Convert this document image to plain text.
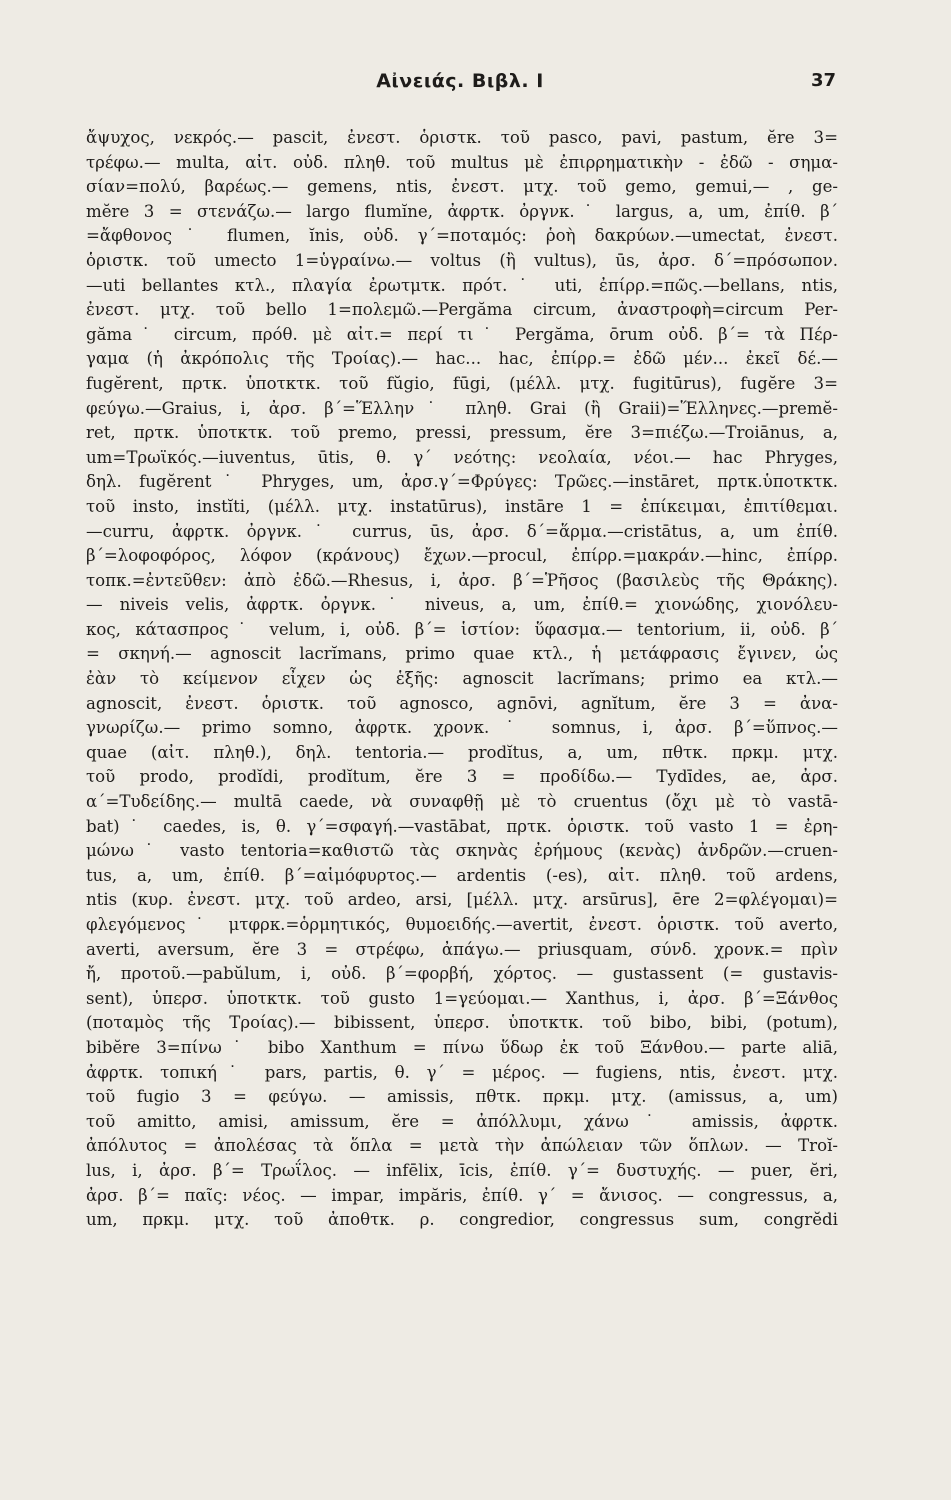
Αἰνειάς. Βιβλ. Ι	37
ἄψυχος, νεκρός.— pascit, ἐνεστ. ὁριστκ. τοῦ pasco, pavi, pastum, ĕre 3=
τρέφω.— multa, αἰτ. οὐδ. πληθ. τοῦ multus μὲ ἐπιρρηματικὴν - ἐδῶ - σημα-
σίαν=πολύ, βαρέως.— gemens, ntis, ἐνεστ. μτχ. τοῦ gemo, gemui,— , ge-
mĕre 3 = στενάζω.— largo flumĭne, ἀφρτκ. ὀργνκ.˙ largus, a, um, ἐπίθ. β΄
=ἄφθονος˙ flumen, ĭnis, οὐδ. γ΄=ποταμός: ῥοὴ δακρύων.—umectat, ἐνεστ.
ὁριστκ. τοῦ umecto 1=ὑγραίνω.— voltus (ἢ vultus), ūs, ἀρσ. δ΄=πρόσωπον.
—uti bellantes κτλ., πλαγία ἐρωτμτκ. πρότ.˙ uti, ἐπίρρ.=πῶς.—bellans, ntis,
ἐνεστ. μτχ. τοῦ bello 1=πολεμῶ.—Pergăma circum, ἀναστροφὴ=circum Per-
găma˙ circum, πρόθ. μὲ αἰτ.= περί τι˙ Pergăma, ōrum οὐδ. β΄= τὰ Πέρ-
γαμα (ἡ ἀκρόπολις τῆς Τροίας).— hac... hac, ἐπίρρ.= ἐδῶ μέν... ἐκεῖ δέ.—
fugĕrent, πρτκ. ὑποτκτκ. τοῦ fŭgio, fūgi, (μέλλ. μτχ. fugitūrus), fugĕre 3=
φεύγω.—Graius, i, ἀρσ. β΄=Ἕλλην˙ πληθ. Grai (ἢ Graii)=Ἕλληνες.—premĕ-
ret, πρτκ. ὑποτκτκ. τοῦ premo, pressi, pressum, ĕre 3=πιέζω.—Troiānus, a,
um=Τρωϊκός.—iuventus, ūtis, θ. γ΄ νεότης: νεολαία, νέοι.— hac Phryges,
δηλ. fugĕrent˙ Phryges, um, ἀρσ.γ΄=Φρύγες: Τρῶες.—instāret, πρτκ.ὑποτκτκ.
τοῦ insto, instĭti, (μέλλ. μτχ. instatūrus), instāre 1 = ἐπίκειμαι, ἐπιτίθεμαι.
—curru, ἀφρτκ. ὀργνκ.˙ currus, ūs, ἀρσ. δ΄=ἅρμα.—cristātus, a, um ἐπίθ.
β΄=λοφοφόρος, λόφον (κράνους) ἔχων.—procul, ἐπίρρ.=μακράν.—hinc, ἐπίρρ.
τοπκ.=ἐντεῦθεν: ἀπὸ ἐδῶ.—Rhesus, i, ἀρσ. β΄=Ῥῆσος (βασιλεὺς τῆς Θράκης).
— niveis velis, ἀφρτκ. ὀργνκ.˙ niveus, a, um, ἐπίθ.= χιονώδης, χιονόλευ-
κος, κάτασπρος˙ velum, i, οὐδ. β΄= ἱστίον: ὕφασμα.— tentorium, ii, οὐδ. β΄
= σκηνή.— agnoscit lacrĭmans, primo quae κτλ., ἡ μετάφρασις ἔγινεν, ὡς
ἐὰν τὸ κείμενον εἶχεν ὡς ἑξῆς: agnoscit lacrĭmans; primo ea κτλ.—
agnoscit, ἐνεστ. ὁριστκ. τοῦ agnosco, agnōvi, agnĭtum, ĕre 3 = ἀνα-
γνωρίζω.— primo somno, ἀφρτκ. χρονκ.˙ somnus, i, ἀρσ. β΄=ὕπνος.—
quae (αἰτ. πληθ.), δηλ. tentoria.— prodĭtus, a, um, πθτκ. πρκμ. μτχ.
τοῦ prodo, prodĭdi, prodĭtum, ĕre 3 = προδίδω.— Tydīdes, ae, ἀρσ.
α΄=Τυδείδης.— multā caede, νὰ συναφθῇ μὲ τὸ cruentus (ὄχι μὲ τὸ vastā-
bat)˙ caedes, is, θ. γ΄=σφαγή.—vastābat, πρτκ. ὁριστκ. τοῦ vasto 1 = ἐρη-
μώνω˙ vasto tentoria=καθιστῶ τὰς σκηνὰς ἐρήμους (κενὰς) ἀνδρῶν.—cruen-
tus, a, um, ἐπίθ. β΄=αἱμόφυρτος.— ardentis (-es), αἰτ. πληθ. τοῦ ardens,
ntis (κυρ. ἐνεστ. μτχ. τοῦ ardeo, arsi, [μέλλ. μτχ. arsūrus], ēre 2=φλέγομαι)=
φλεγόμενος˙ μτφρκ.=ὁρμητικός, θυμοειδής.—avertit, ἐνεστ. ὁριστκ. τοῦ averto,
averti, aversum, ĕre 3 = στρέφω, ἀπάγω.— priusquam, σύνδ. χρονκ.= πρὶν
ἤ, προτοῦ.—pabŭlum, i, οὐδ. β΄=φορβή, χόρτος. — gustassent (= gustavis-
sent), ὑπερσ. ὑποτκτκ. τοῦ gusto 1=γεύομαι.— Xanthus, i, ἀρσ. β΄=Ξάνθος
(ποταμὸς τῆς Τροίας).— bibissent, ὑπερσ. ὑποτκτκ. τοῦ bibo, bibi, (potum),
bibĕre 3=πίνω˙ bibo Xanthum = πίνω ὕδωρ ἐκ τοῦ Ξάνθου.— parte aliā,
ἀφρτκ. τοπική˙ pars, partis, θ. γ΄ = μέρος. — fugiens, ntis, ἐνεστ. μτχ.
τοῦ fugio 3 = φεύγω. — amissis, πθτκ. πρκμ. μτχ. (amissus, a, um)
τοῦ amitto, amisi, amissum, ĕre = ἀπόλλυμι, χάνω˙ amissis, ἀφρτκ.
ἀπόλυτος = ἀπολέσας τὰ ὅπλα = μετὰ τὴν ἀπώλειαν τῶν ὅπλων. — Troĭ-
lus, i, ἀρσ. β΄= Τρωΐλος. — infēlix, īcis, ἐπίθ. γ΄= δυστυχής. — puer, ĕri,
ἀρσ. β΄= παῖς: νέος. — impar, impăris, ἐπίθ. γ΄ = ἄνισος. — congressus, a,
um, πρκμ. μτχ. τοῦ ἀποθτκ. ρ. congredior, congressus sum, congrĕdi
